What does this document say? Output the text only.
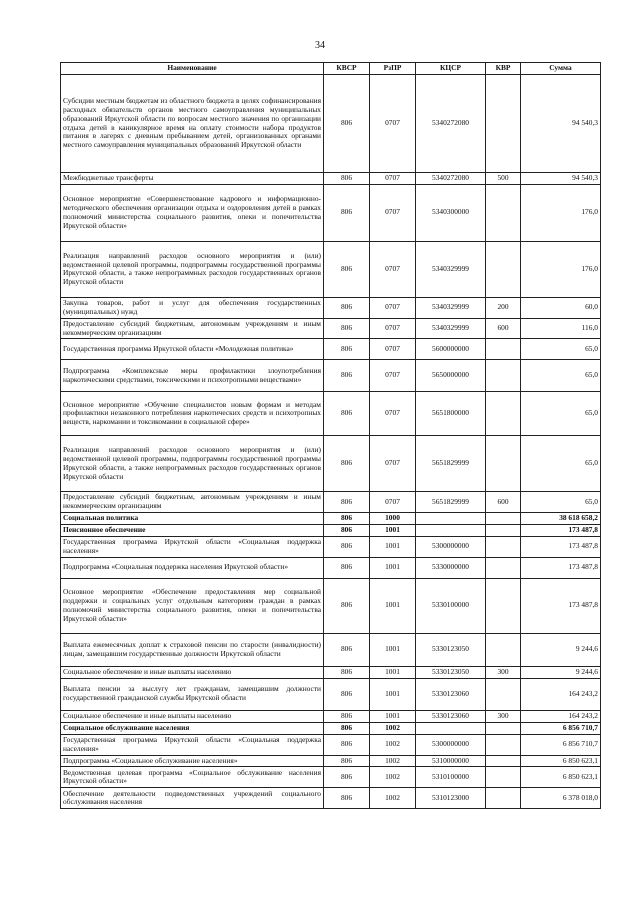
34
Наименование	КВСР	РзПР	КЦСР	КВР	Сумма
Субсидии местным бюджетам из областного бюджета в целях софинансирования расходных обязательств органов местного самоуправления муниципальных образований Иркутской области по вопросам местного значения по организации отдыха детей в каникулярное время на оплату стоимости набора продуктов питания в лагерях с дневным пребыванием детей, организованных органами местного самоуправления муниципальных образований Иркутской области	806	0707	5340272080		94 540,3
Межбюджетные трансферты	806	0707	5340272080	500	94 540,3
Основное мероприятие «Совершенствование кадрового и информационно-методического обеспечения организации отдыха и оздоровления детей в рамках полномочий министерства социального развития, опеки и попечительства Иркутской области»	806	0707	5340300000		176,0
Реализация направлений расходов основного мероприятия и (или) ведомственной целевой программы, подпрограммы государственной программы Иркутской области, а также непрограммных расходов государственных органов Иркутской области	806	0707	5340329999		176,0
Закупка товаров, работ и услуг для обеспечения государственных (муниципальных) нужд	806	0707	5340329999	200	60,0
Предоставление субсидий бюджетным, автономным учреждениям и иным некоммерческим организациям	806	0707	5340329999	600	116,0
Государственная программа Иркутской области «Молодежная политика»	806	0707	5600000000		65,0
Подпрограмма «Комплексные меры профилактики злоупотребления наркотическими средствами, токсическими и психотропными веществами»	806	0707	5650000000		65,0
Основное мероприятие «Обучение специалистов новым формам и методам профилактики незаконного потребления наркотических средств и психотропных веществ, наркомании и токсикомании в социальной сфере»	806	0707	5651800000		65,0
Реализация направлений расходов основного мероприятия и (или) ведомственной целевой программы, подпрограммы государственной программы Иркутской области, а также непрограммных расходов государственных органов Иркутской области	806	0707	5651829999		65,0
Предоставление субсидий бюджетным, автономным учреждениям и иным некоммерческим организациям	806	0707	5651829999	600	65,0
Социальная политика	806	1000			38 618 658,2
Пенсионное обеспечение	806	1001			173 487,8
Государственная программа Иркутской области «Социальная поддержка населения»	806	1001	5300000000		173 487,8
Подпрограмма «Социальная поддержка населения Иркутской области»	806	1001	5330000000		173 487,8
Основное мероприятие «Обеспечение предоставления мер социальной поддержки и социальных услуг отдельным категориям граждан в рамках полномочий министерства социального развития, опеки и попечительства Иркутской области»	806	1001	5330100000		173 487,8
Выплата ежемесячных доплат к страховой пенсии по старости (инвалидности) лицам, замещавшим государственные должности Иркутской области	806	1001	5330123050		9 244,6
Социальное обеспечение и иные выплаты населению	806	1001	5330123050	300	9 244,6
Выплата пенсии за выслугу лет гражданам, замещавшим должности государственной гражданской службы Иркутской области	806	1001	5330123060		164 243,2
Социальное обеспечение и иные выплаты населению	806	1001	5330123060	300	164 243,2
Социальное обслуживание населения	806	1002			6 856 710,7
Государственная программа Иркутской области «Социальная поддержка населения»	806	1002	5300000000		6 856 710,7
Подпрограмма «Социальное обслуживание населения»	806	1002	5310000000		6 850 623,1
Ведомственная целевая программа «Социальное обслуживание населения Иркутской области»	806	1002	5310100000		6 850 623,1
Обеспечение деятельности подведомственных учреждений социального обслуживания населения	806	1002	5310123000		6 378 018,0
